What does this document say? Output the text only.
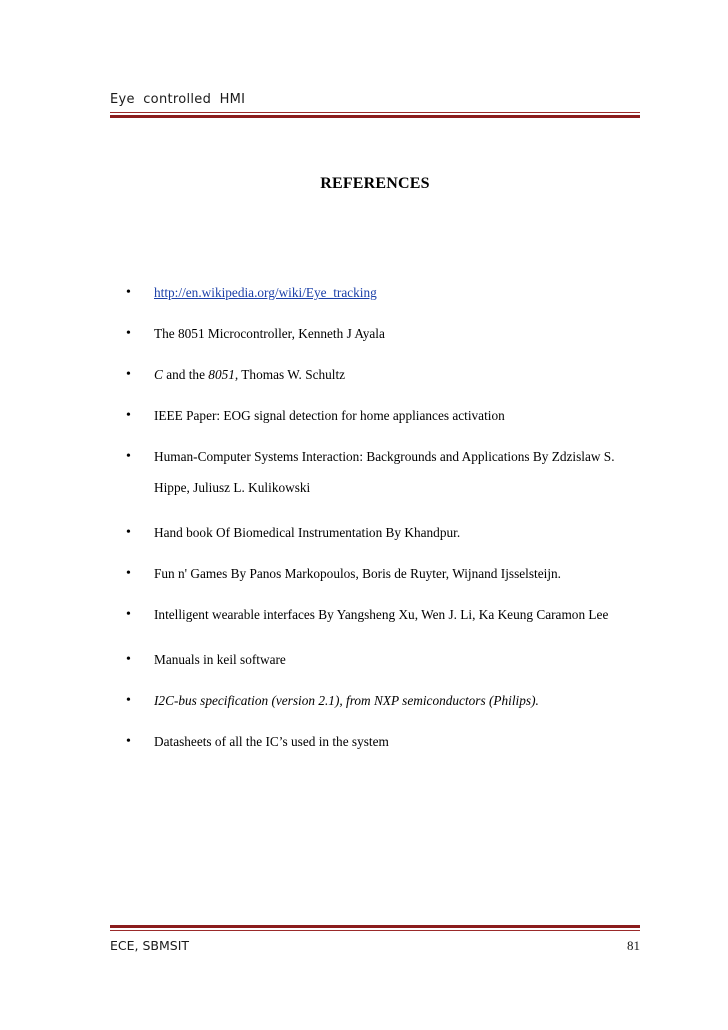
Eye controlled HMI
REFERENCES
• http://en.wikipedia.org/wiki/Eye_tracking
• The 8051 Microcontroller, Kenneth J Ayala
• C and the 8051, Thomas W. Schultz
• IEEE Paper: EOG signal detection for home appliances activation
• Human-Computer Systems Interaction: Backgrounds and Applications By Zdzislaw S. Hippe, Juliusz L. Kulikowski
• Hand book Of Biomedical Instrumentation By Khandpur.
• Fun n' Games By Panos Markopoulos, Boris de Ruyter, Wijnand Ijsselsteijn.
• Intelligent wearable interfaces By Yangsheng Xu, Wen J. Li, Ka Keung Caramon Lee
• Manuals in keil software
• I2C-bus specification (version 2.1), from NXP semiconductors (Philips).
• Datasheets of all the IC’s used in the system
ECE, SBMSIT	81
